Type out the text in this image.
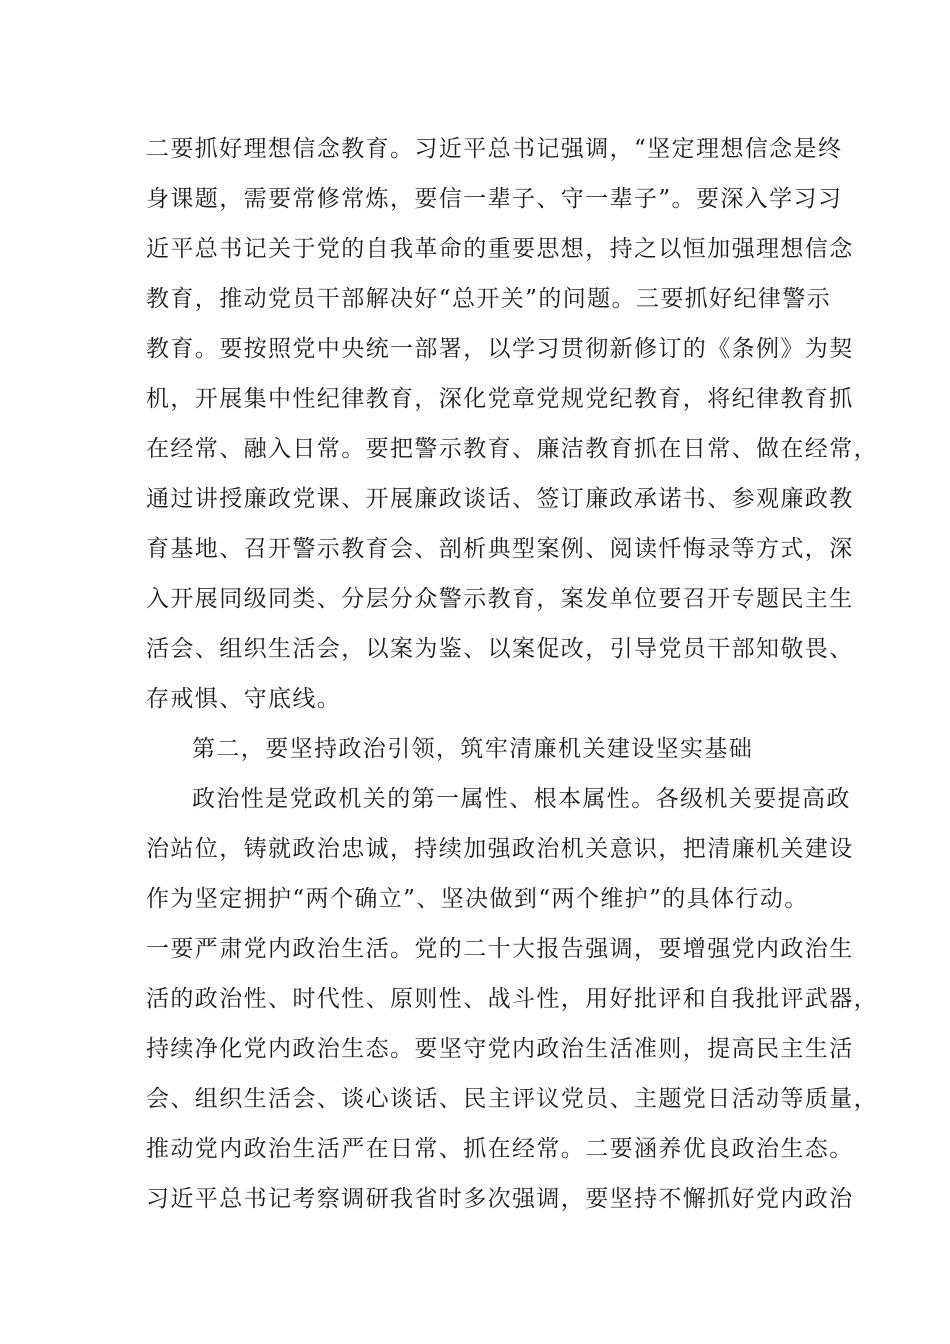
二要抓好理想信念教育。习近平总书记强调，“坚定理想信念是终
身课题，需要常修常炼，要信一辈子、守一辈子”。要深入学习习
近平总书记关于党的自我革命的重要思想，持之以恒加强理想信念
教育，推动党员干部解决好“总开关”的问题。三要抓好纪律警示
教育。要按照党中央统一部署，以学习贯彻新修订的《条例》为契
机，开展集中性纪律教育，深化党章党规党纪教育，将纪律教育抓
在经常、融入日常。要把警示教育、廉洁教育抓在日常、做在经常，
通过讲授廉政党课、开展廉政谈话、签订廉政承诺书、参观廉政教
育基地、召开警示教育会、剖析典型案例、阅读忏悔录等方式，深
入开展同级同类、分层分众警示教育，案发单位要召开专题民主生
活会、组织生活会，以案为鉴、以案促改，引导党员干部知敬畏、
存戒惧、守底线。
第二，要坚持政治引领，筑牢清廉机关建设坚实基础
政治性是党政机关的第一属性、根本属性。各级机关要提高政
治站位，铸就政治忠诚，持续加强政治机关意识，把清廉机关建设
作为坚定拥护“两个确立”、坚决做到“两个维护”的具体行动。
一要严肃党内政治生活。党的二十大报告强调，要增强党内政治生
活的政治性、时代性、原则性、战斗性，用好批评和自我批评武器，
持续净化党内政治生态。要坚守党内政治生活准则，提高民主生活
会、组织生活会、谈心谈话、民主评议党员、主题党日活动等质量，
推动党内政治生活严在日常、抓在经常。二要涵养优良政治生态。
习近平总书记考察调研我省时多次强调，要坚持不懈抓好党内政治
